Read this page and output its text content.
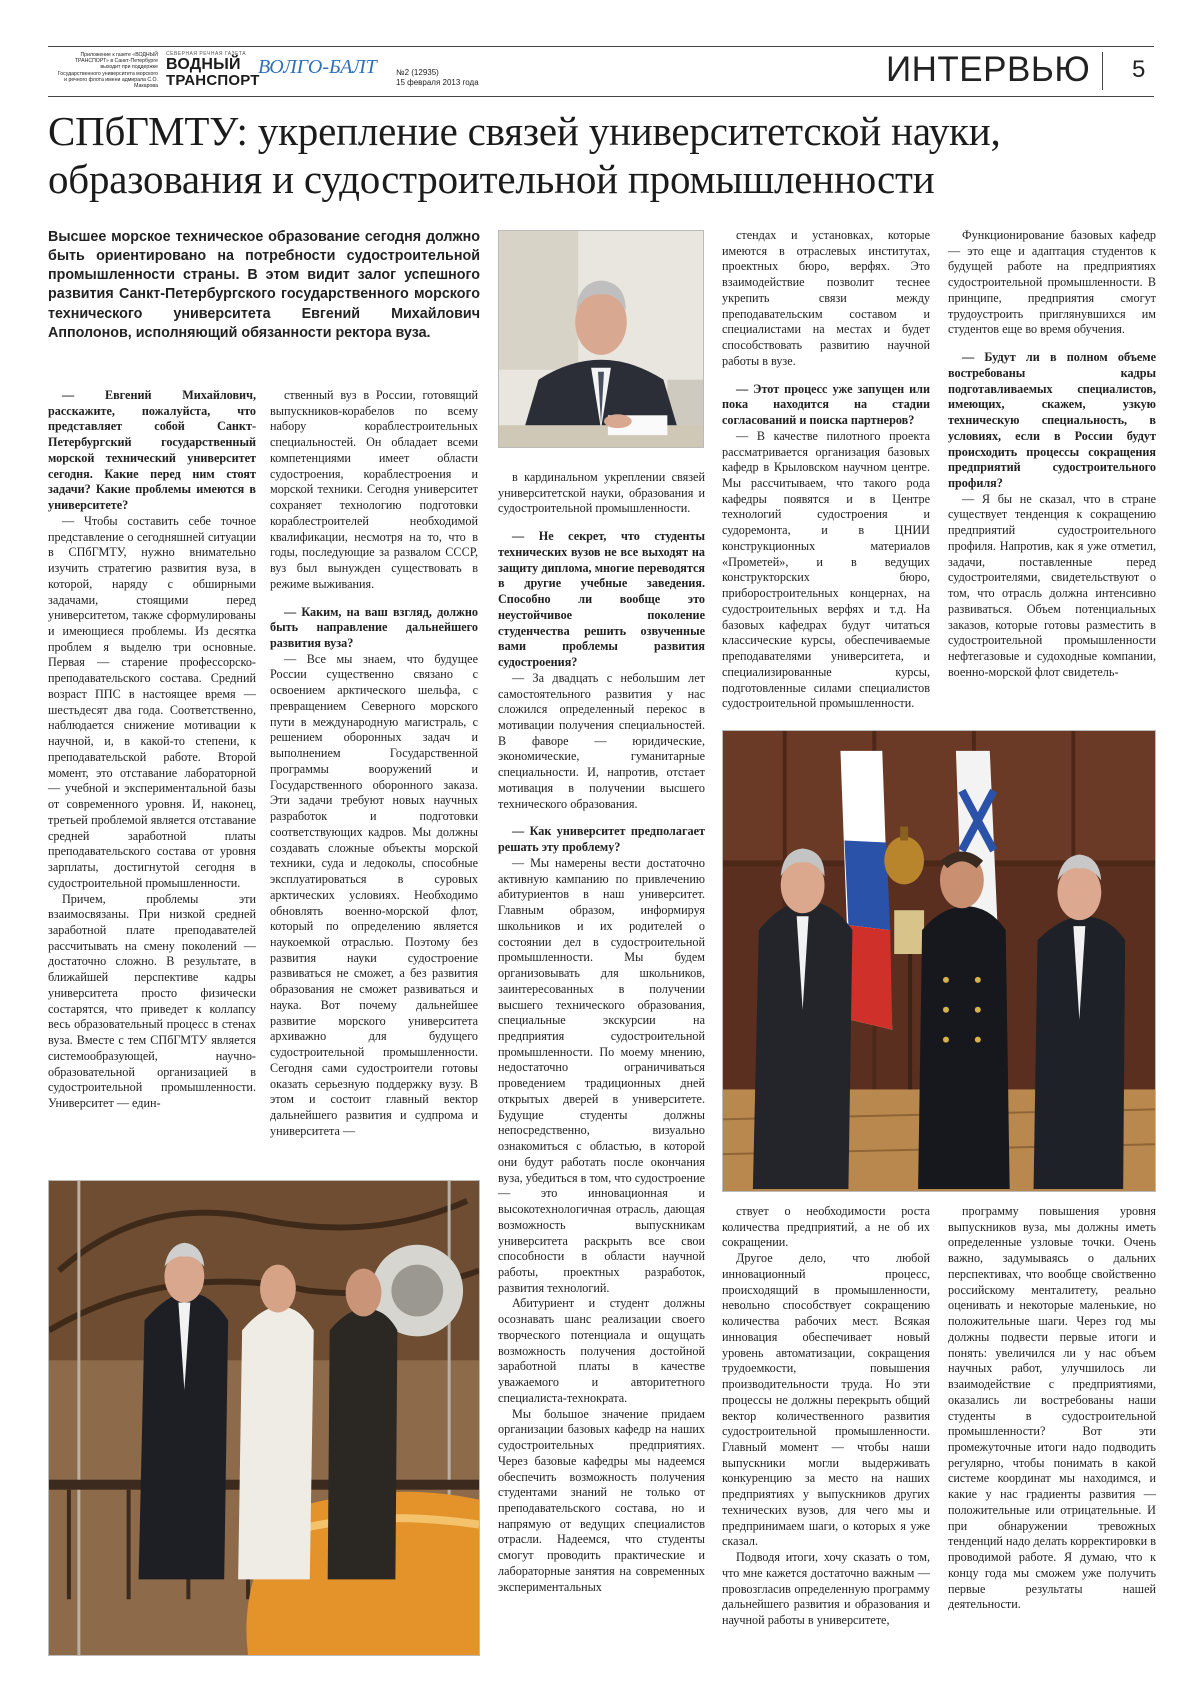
Приложение к газете «ВОДНЫЙ ТРАНСПОРТ» в Санкт-Петербурге выходит при поддержке Государственного университета морского и речного флота имени адмирала С.О. Макарова
СЕВЕРНАЯ РЕЧНАЯ ГАЗЕТА
ВОДНЫЙ
ТРАНСПОРТ
ВОЛГО-БАЛТ №2 (12935)
15 февраля 2013 года	ИНТЕРВЬЮ 5
СПбГМТУ: укрепление связей университетской науки, образования и судостроительной промышленности
Высшее морское техническое образование сегодня должно быть ориентировано на потребности судостроительной промышленности страны. В этом видит залог успешного развития Санкт-Петербургского государственного морского технического университета Евгений Михайлович Апполонов, исполняющий обязанности ректора вуза.

— Евгений Михайлович, расскажите, пожалуйста, что представляет собой Санкт-Петербургский государственный морской технический университет сегодня. Какие перед ним стоят задачи? Какие проблемы имеются в университете?

— Чтобы составить себе точное представление о сегодняшней ситуации в СПбГМТУ, нужно внимательно изучить стратегию развития вуза, в которой, наряду с обширными задачами, стоящими перед университетом, также сформулированы и имеющиеся проблемы. Из десятка проблем я выделю три основные. Первая — старение профессорско-преподавательского состава. Средний возраст ППС в настоящее время — шестьдесят два года. Соответственно, наблюдается снижение мотивации к научной, и, в какой-то степени, к преподавательской работе. Второй момент, это отставание лабораторной — учебной и экспериментальной базы от современного уровня. И, наконец, третьей проблемой является отставание средней заработной платы преподавательского состава от уровня зарплаты, достигнутой сегодня в судостроительной промышленности.

Причем, проблемы эти взаимосвязаны. При низкой средней заработной плате преподавателей рассчитывать на смену поколений — достаточно сложно. В результате, в ближайшей перспективе кадры университета просто физически состарятся, что приведет к коллапсу весь образовательный процесс в стенах вуза. Вместе с тем СПбГМТУ является системообразующей, научно-образовательной организацией в судостроительной промышленности. Университет — един-

ственный вуз в России, готовящий выпускников-корабелов по всему набору кораблестроительных специальностей. Он обладает всеми компетенциями имеет области судостроения, кораблестроения и морской техники. Сегодня университет сохраняет технологию подготовки кораблестроителей необходимой квалификации, несмотря на то, что в годы, последующие за развалом СССР, вуз был вынужден существовать в режиме выживания.

— Каким, на ваш взгляд, должно быть направление дальнейшего развития вуза?

— Все мы знаем, что будущее России существенно связано с освоением арктического шельфа, с превращением Северного морского пути в международную магистраль, с решением оборонных задач и выполнением Государственной программы вооружений и Государственного оборонного заказа. Эти задачи требуют новых научных разработок и подготовки соответствующих кадров. Мы должны создавать сложные объекты морской техники, суда и ледоколы, способные эксплуатироваться в суровых арктических условиях. Необходимо обновлять военно-морской флот, который по определению является наукоемкой отраслью. Поэтому без развития науки судостроение развиваться не сможет, а без развития образования не сможет развиваться и наука. Вот почему дальнейшее развитие морского университета архиважно для будущего судостроительной промышленности. Сегодня сами судостроители готовы оказать серьезную поддержку вузу. В этом и состоит главный вектор дальнейшего развития и судпрома и университета —

в кардинальном укреплении связей университетской науки, образования и судостроительной промышленности.

— Не секрет, что студенты технических вузов не все выходят на защиту диплома, многие переводятся в другие учебные заведения. Способно ли вообще это неустойчивое поколение студенчества решить озвученные вами проблемы развития судостроения?

— За двадцать с небольшим лет самостоятельного развития у нас сложился определенный перекос в мотивации получения специальностей. В фаворе — юридические, экономические, гуманитарные специальности. И, напротив, отстает мотивация в получении высшего технического образования.

— Как университет предполагает решать эту проблему?

— Мы намерены вести достаточно активную кампанию по привлечению абитуриентов в наш университет. Главным образом, информируя школьников и их родителей о состоянии дел в судостроительной промышленности. Мы будем организовывать для школьников, заинтересованных в получении высшего технического образования, специальные экскурсии на предприятия судостроительной промышленности. По моему мнению, недостаточно ограничиваться проведением традиционных дней открытых дверей в университете. Будущие студенты должны непосредственно, визуально ознакомиться с областью, в которой они будут работать после окончания вуза, убедиться в том, что судостроение — это инновационная и высокотехнологичная отрасль, дающая возможность выпускникам университета раскрыть все свои способности в области научной работы, проектных разработок, развития технологий.

Абитуриент и студент должны осознавать шанс реализации своего творческого потенциала и ощущать возможность получения достойной заработной платы в качестве уважаемого и авторитетного специалиста-технократа.

Мы большое значение придаем организации базовых кафедр на наших судостроительных предприятиях. Через базовые кафедры мы надеемся обеспечить возможность получения студентами знаний не только от преподавательского состава, но и напрямую от ведущих специалистов отрасли. Надеемся, что студенты смогут проводить практические и лабораторные занятия на современных экспериментальных

стендах и установках, которые имеются в отраслевых институтах, проектных бюро, верфях. Это взаимодействие позволит теснее укрепить связи между преподавательским составом и специалистами на местах и будет способствовать развитию научной работы в вузе.

— Этот процесс уже запущен или пока находится на стадии согласований и поиска партнеров?

— В качестве пилотного проекта рассматривается организация базовых кафедр в Крыловском научном центре. Мы рассчитываем, что такого рода кафедры появятся и в Центре технологий судостроения и судоремонта, и в ЦНИИ конструкционных материалов «Прометей», и в ведущих конструкторских бюро, приборостроительных концернах, на судостроительных верфях и т.д. На базовых кафедрах будут читаться классические курсы, обеспечиваемые преподавателями университета, и специализированные курсы, подготовленные силами специалистов судостроительной промышленности.

Функционирование базовых кафедр — это еще и адаптация студентов к будущей работе на предприятиях судостроительной промышленности. В принципе, предприятия смогут трудоустроить приглянувшихся им студентов еще во время обучения.

— Будут ли в полном объеме востребованы кадры подготавливаемых специалистов, имеющих, скажем, узкую техническую специальность, в условиях, если в России будут происходить процессы сокращения предприятий судостроительного профиля?

— Я бы не сказал, что в стране существует тенденция к сокращению предприятий судостроительного профиля. Напротив, как я уже отметил, задачи, поставленные перед судостроителями, свидетельствуют о том, что отрасль должна интенсивно развиваться. Объем потенциальных заказов, которые готовы разместить в судостроительной промышленности нефтегазовые и судоходные компании, военно-морской флот свидетель-

ствует о необходимости роста количества предприятий, а не об их сокращении.

Другое дело, что любой инновационный процесс, происходящий в промышленности, невольно способствует сокращению количества рабочих мест. Всякая инновация обеспечивает новый уровень автоматизации, сокращения трудоемкости, повышения производительности труда. Но эти процессы не должны перекрыть общий вектор количественного развития судостроительной промышленности. Главный момент — чтобы наши выпускники могли выдерживать конкуренцию за место на наших предприятиях у выпускников других технических вузов, для чего мы и предпринимаем шаги, о которых я уже сказал.

Подводя итоги, хочу сказать о том, что мне кажется достаточно важным — провозгласив определенную программу дальнейшего развития и образования и научной работы в университете,

программу повышения уровня выпускников вуза, мы должны иметь определенные узловые точки. Очень важно, задумываясь о дальних перспективах, что вообще свойственно российскому менталитету, реально оценивать и некоторые маленькие, но положительные шаги. Через год мы должны подвести первые итоги и понять: увеличился ли у нас объем научных работ, улучшилось ли взаимодействие с предприятиями, оказались ли востребованы наши студенты в судостроительной промышленности? Вот эти промежуточные итоги надо подводить регулярно, чтобы понимать в какой системе координат мы находимся, и какие у нас градиенты развития — положительные или отрицательные. И при обнаружении тревожных тенденций надо делать корректировки в проводимой работе. Я думаю, что к концу года мы сможем уже получить первые результаты нашей деятельности.
